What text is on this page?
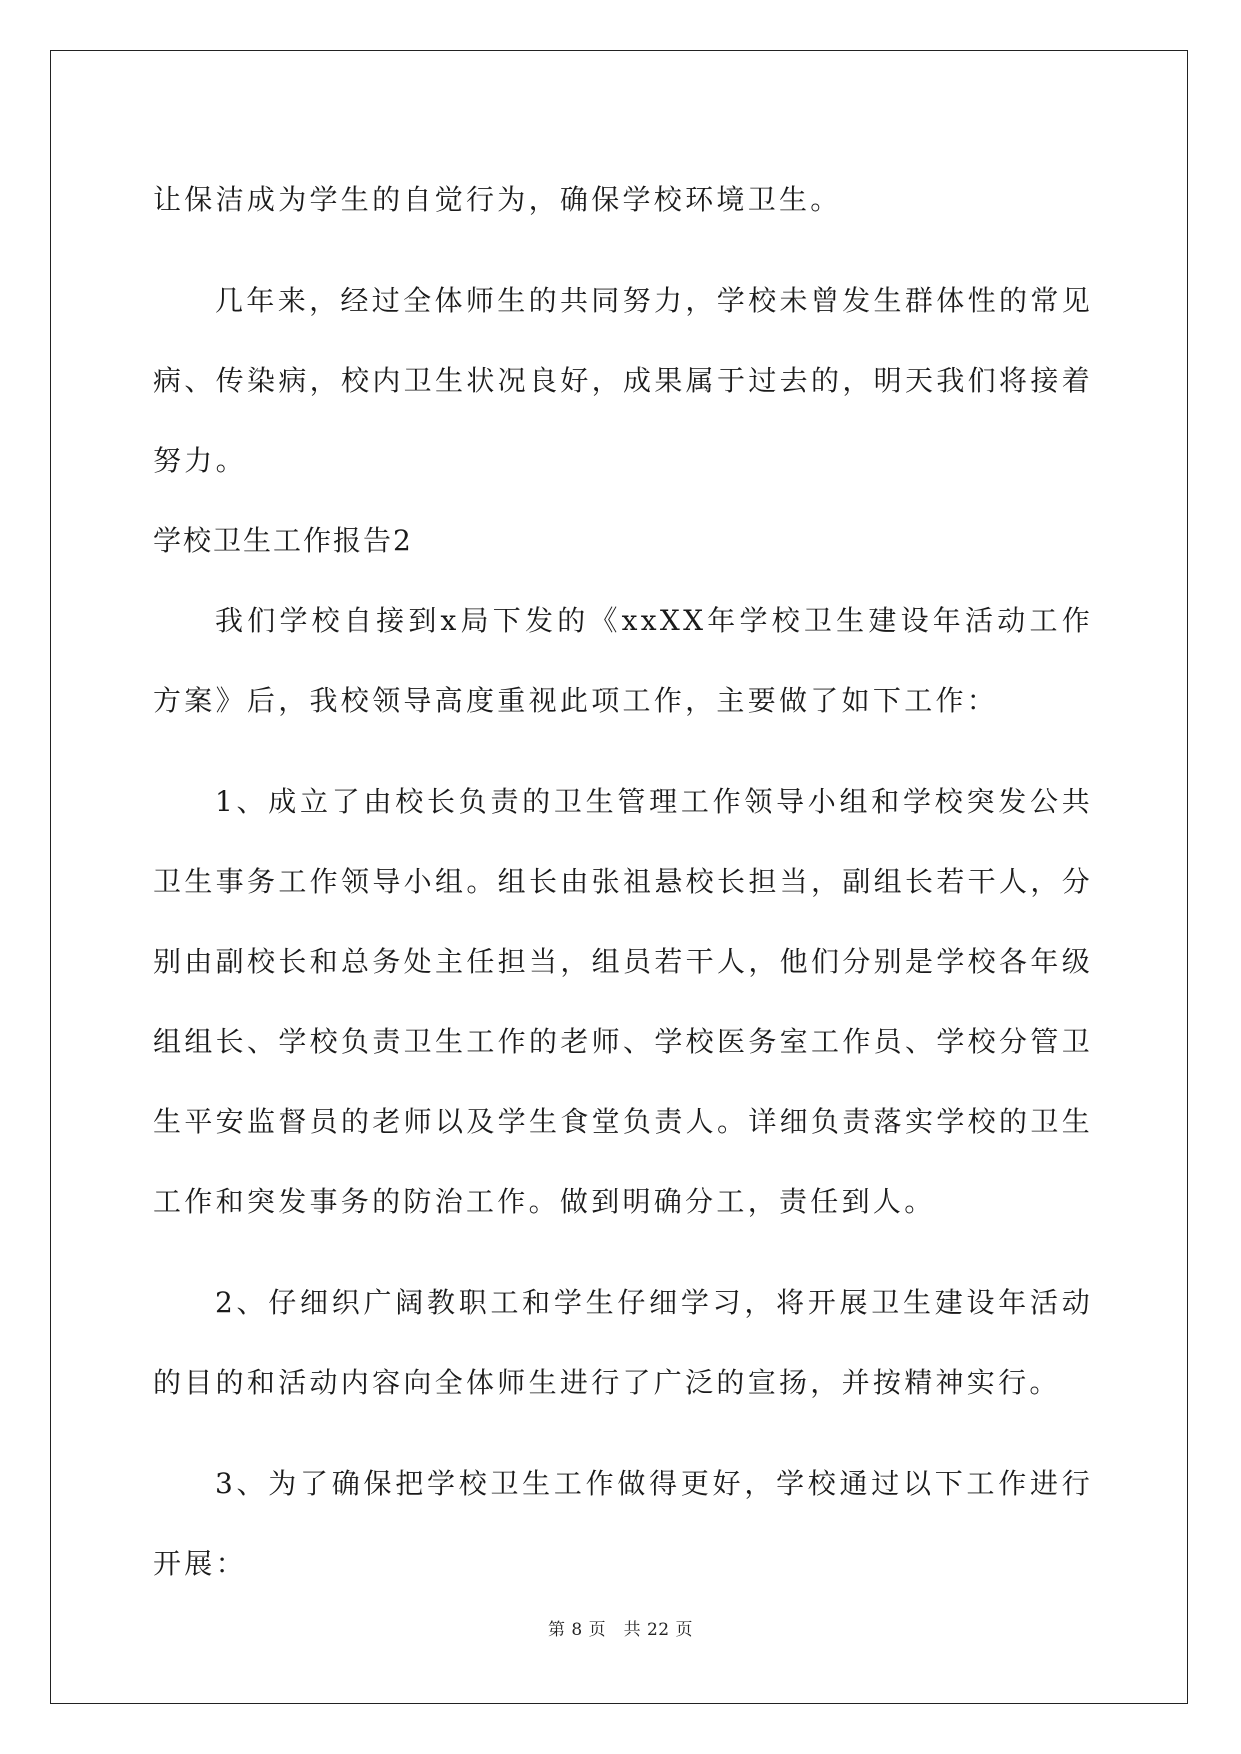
让保洁成为学生的自觉行为，确保学校环境卫生。

几年来，经过全体师生的共同努力，学校未曾发生群体性的常见病、传染病，校内卫生状况良好，成果属于过去的，明天我们将接着努力。

学校卫生工作报告2

我们学校自接到x局下发的《xxXX年学校卫生建设年活动工作方案》后，我校领导高度重视此项工作，主要做了如下工作：

1、成立了由校长负责的卫生管理工作领导小组和学校突发公共卫生事务工作领导小组。组长由张祖悬校长担当，副组长若干人，分别由副校长和总务处主任担当，组员若干人，他们分别是学校各年级组组长、学校负责卫生工作的老师、学校医务室工作员、学校分管卫生平安监督员的老师以及学生食堂负责人。详细负责落实学校的卫生工作和突发事务的防治工作。做到明确分工，责任到人。

2、仔细织广阔教职工和学生仔细学习，将开展卫生建设年活动的目的和活动内容向全体师生进行了广泛的宣扬，并按精神实行。

3、为了确保把学校卫生工作做得更好，学校通过以下工作进行开展：

第 8 页　共 22 页
